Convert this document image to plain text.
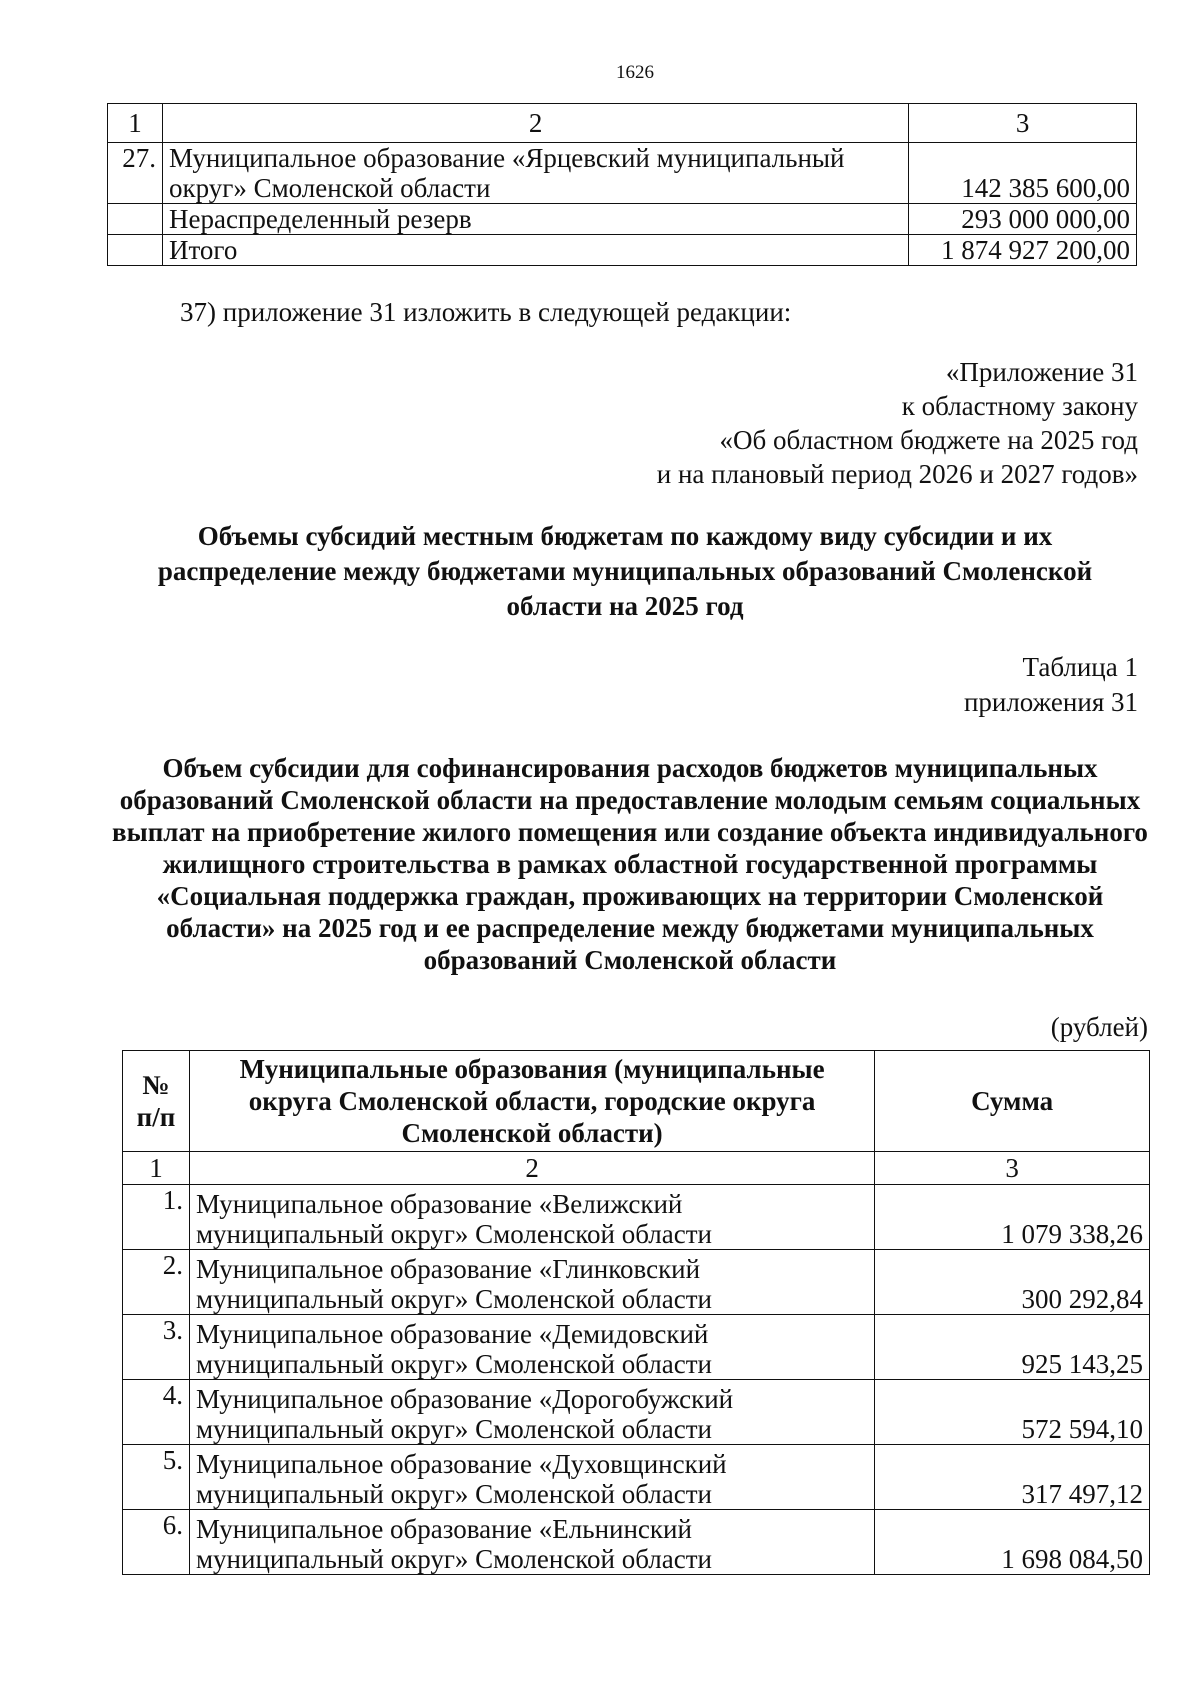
1626
1	2	3
27.	Муниципальное образование «Ярцевский муниципальный округ» Смоленской области	142 385 600,00
	Нераспределенный резерв	293 000 000,00
	Итого	1 874 927 200,00
37) приложение 31 изложить в следующей редакции:
«Приложение 31
к областному закону
«Об областном бюджете на 2025 год
и на плановый период 2026 и 2027 годов»
Объемы субсидий местным бюджетам по каждому виду субсидии и их распределение между бюджетами муниципальных образований Смоленской области на 2025 год
Таблица 1
приложения 31
Объем субсидии для софинансирования расходов бюджетов муниципальных образований Смоленской области на предоставление молодым семьям социальных выплат на приобретение жилого помещения или создание объекта индивидуального жилищного строительства в рамках областной государственной программы «Социальная поддержка граждан, проживающих на территории Смоленской области» на 2025 год и ее распределение между бюджетами муниципальных образований Смоленской области
(рублей)
№ п/п	Муниципальные образования (муниципальные округа Смоленской области, городские округа Смоленской области)	Сумма
1	2	3
1.	Муниципальное образование «Велижский муниципальный округ» Смоленской области	1 079 338,26
2.	Муниципальное образование «Глинковский муниципальный округ» Смоленской области	300 292,84
3.	Муниципальное образование «Демидовский муниципальный округ» Смоленской области	925 143,25
4.	Муниципальное образование «Дорогобужский муниципальный округ» Смоленской области	572 594,10
5.	Муниципальное образование «Духовщинский муниципальный округ» Смоленской области	317 497,12
6.	Муниципальное образование «Ельнинский муниципальный округ» Смоленской области	1 698 084,50
